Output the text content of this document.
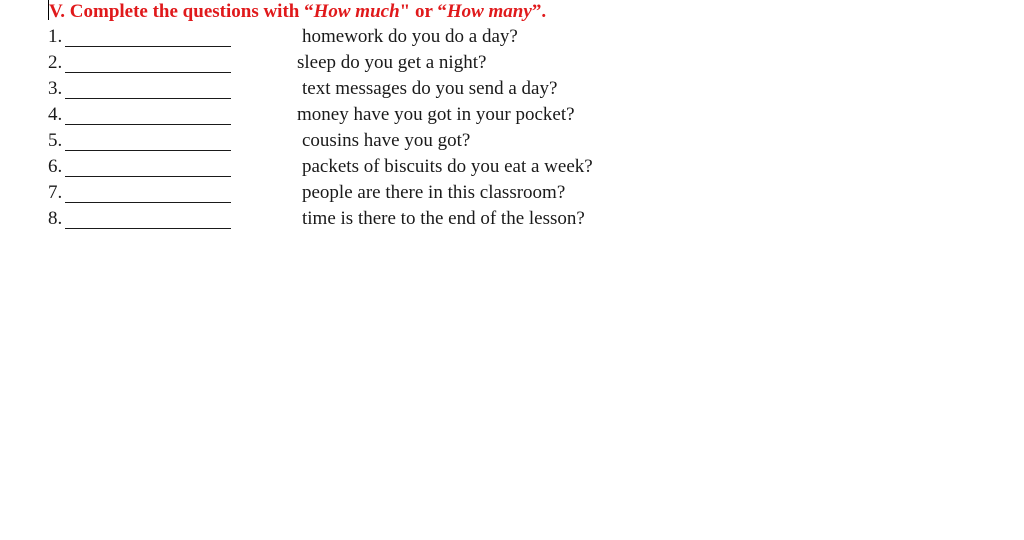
V. Complete the questions with “How much" or “How many”.
1.	homework do you do a day?
2.	sleep do you get a night?
3.	text messages do you send a day?
4.	money have you got in your pocket?
5.	cousins have you got?
6.	packets of biscuits do you eat a week?
7.	people are there in this classroom?
8.	time is there to the end of the lesson?
